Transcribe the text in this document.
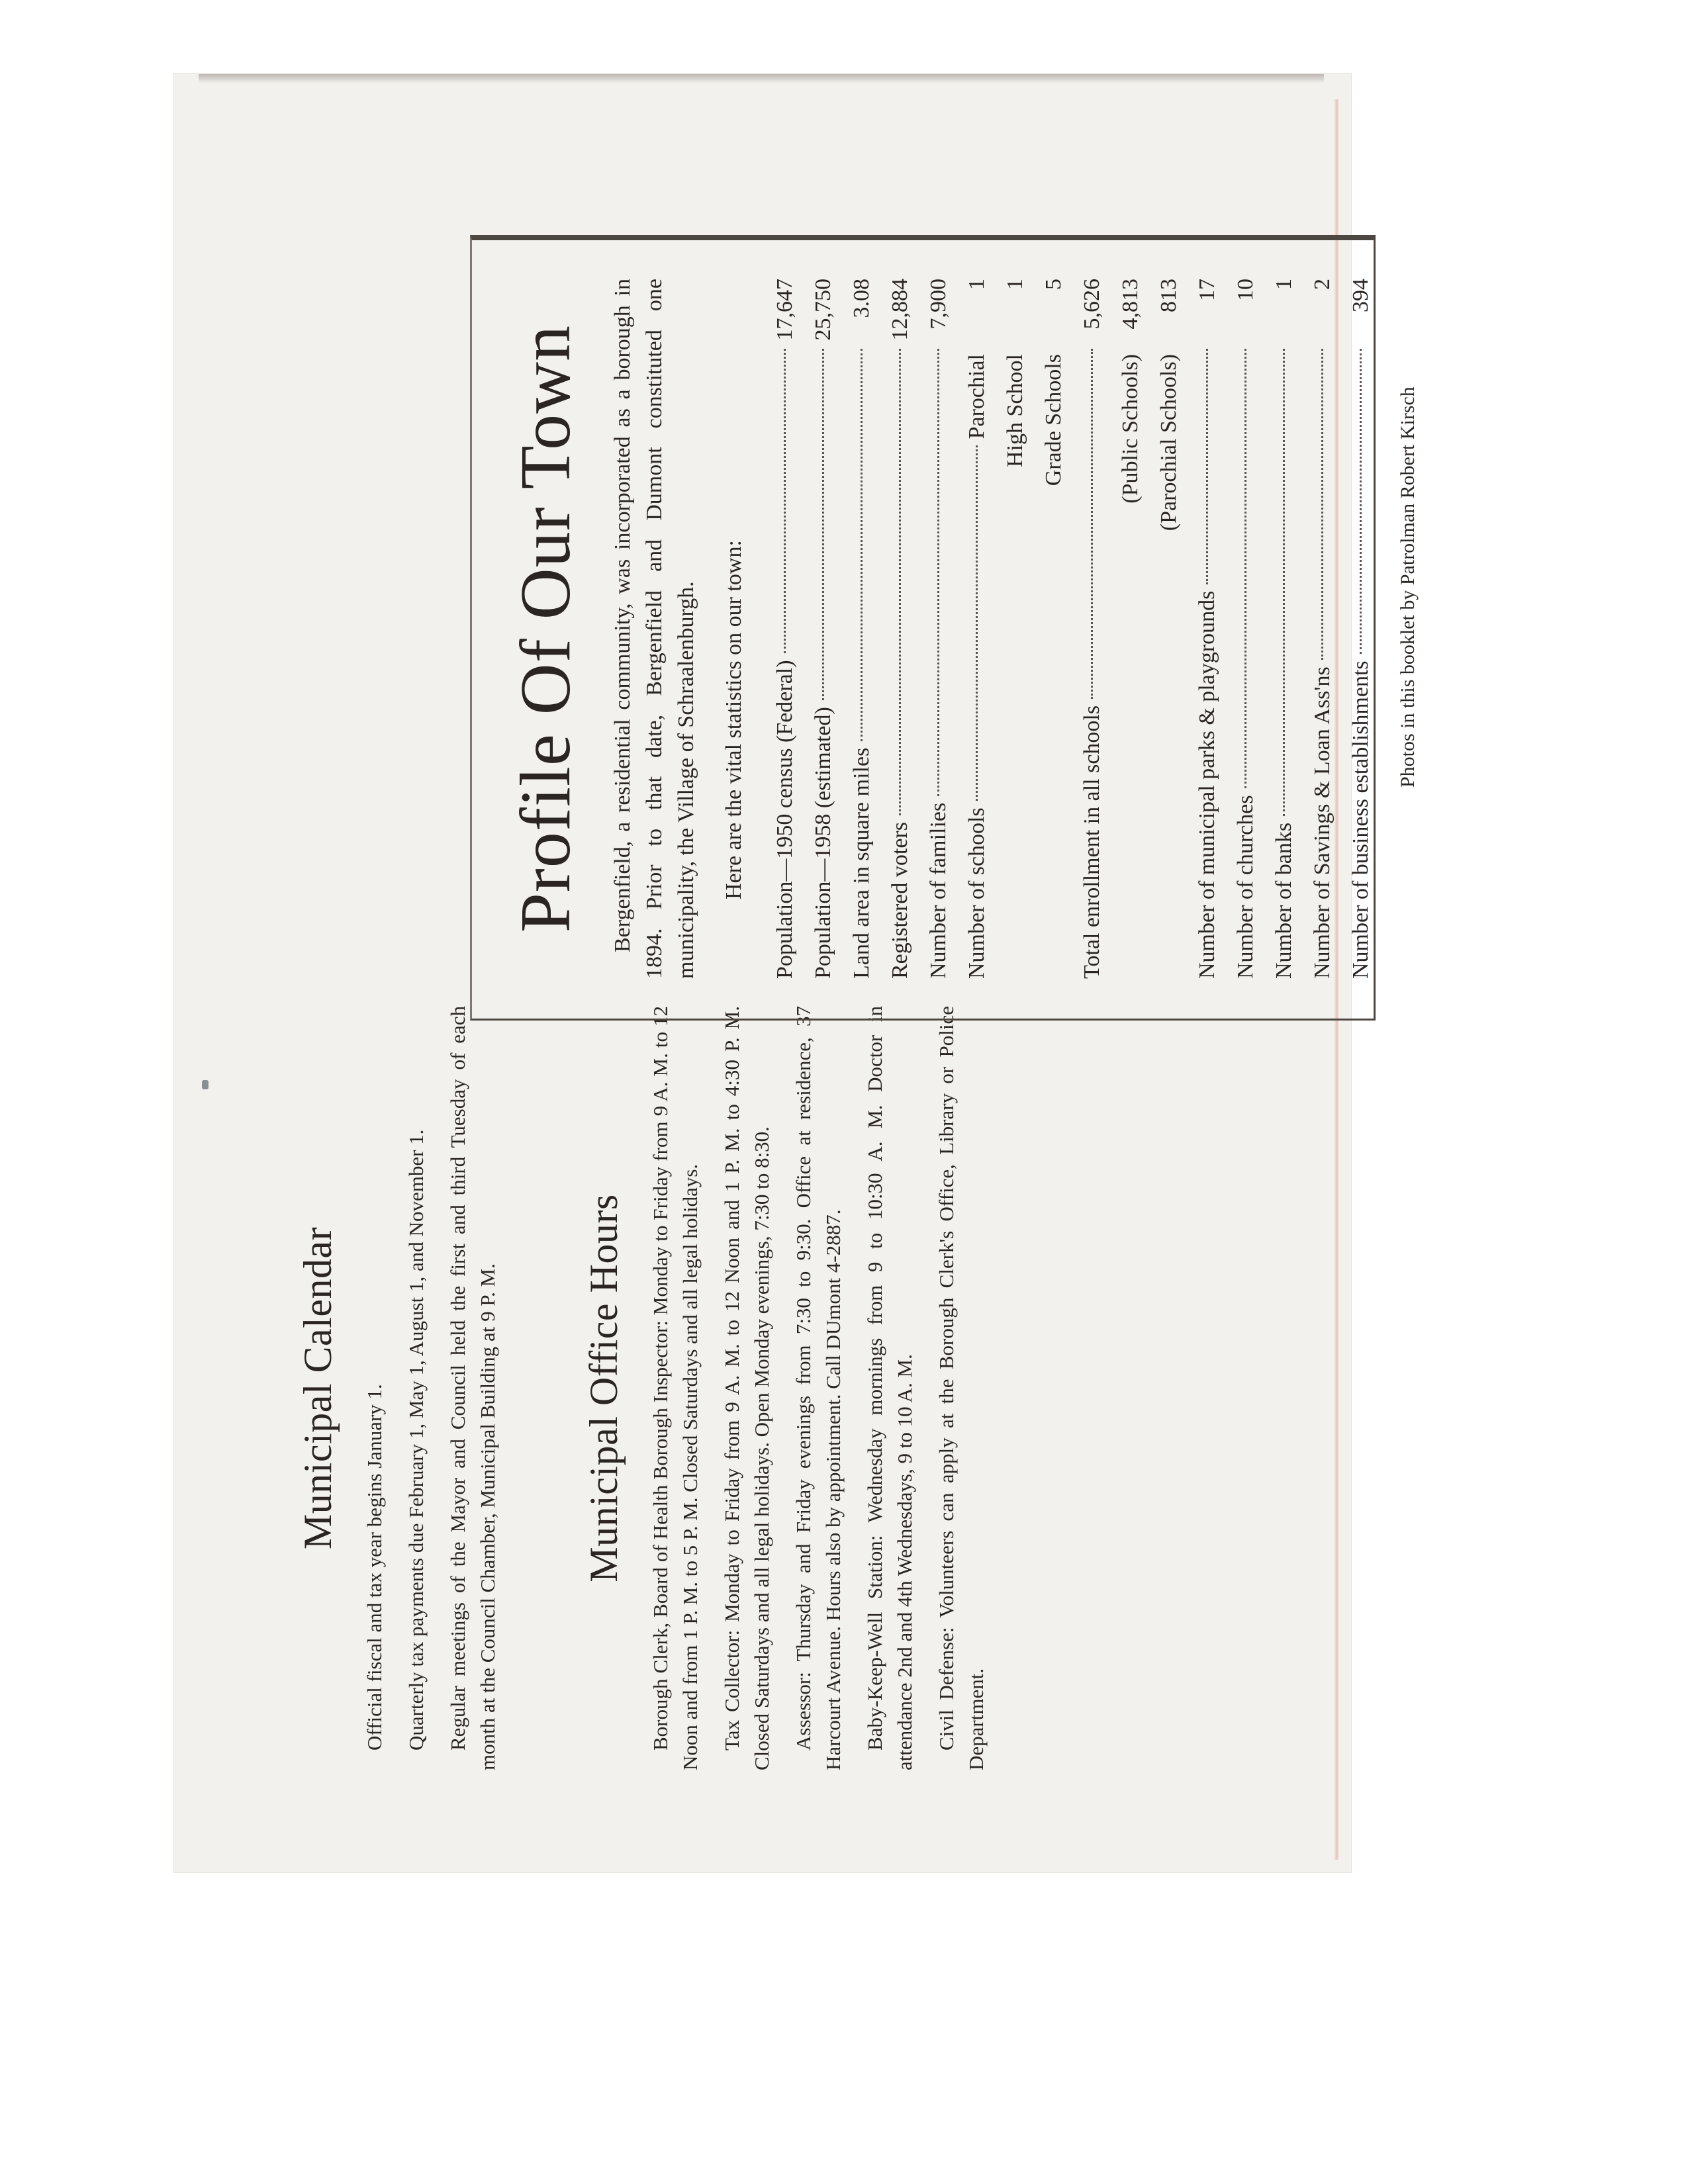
Municipal Calendar Official fiscal and tax year begins January 1. Quarterly tax payments due February 1, May 1, August 1, and November 1. Regular meetings of the Mayor and Council held the first and third Tuesday of each month at the Council Chamber, Municipal Building at 9 P. M. Municipal Office Hours Borough Clerk, Board of Health Borough Inspector: Monday to Friday from 9 A. M. to 12 Noon and from 1 P. M. to 5 P. M. Closed Saturdays and all legal holidays. Tax Collector: Monday to Friday from 9 A. M. to 12 Noon and 1 P. M. to 4:30 P. M. Closed Saturdays and all legal holidays. Open Monday evenings, 7:30 to 8:30. Assessor: Thursday and Friday evenings from 7:30 to 9:30. Office at residence, 37 Harcourt Avenue. Hours also by appointment. Call DUmont 4-2887. Baby-Keep-Well Station: Wednesday mornings from 9 to 10:30 A. M. Doctor in attendance 2nd and 4th Wednesdays, 9 to 10 A. M. Civil Defense: Volunteers can apply at the Borough Clerk's Office, Library or Police Department.

Profile Of Our Town Bergenfield, a residential community, was incorporated as a borough in 1894. Prior to that date, Bergenfield and Dumont constituted one municipality, the Village of Schraalenburgh. Here are the vital statistics on our town: Population—1950 census (Federal)
17,647
Population—1958 (estimated)
25,750
Land area in square miles
3.08
Registered voters
12,884
Number of families
7,900
Number of schools
Parochial
1
High School
1
Grade Schools
5
Total enrollment in all schools
5,626
(Public Schools)
4,813
(Parochial Schools)
813
Number of municipal parks & playgrounds
17
Number of churches
10
Number of banks
1
Number of Savings & Loan Ass'ns
2
Number of business establishments
394
Photos in this booklet by Patrolman Robert Kirsch
